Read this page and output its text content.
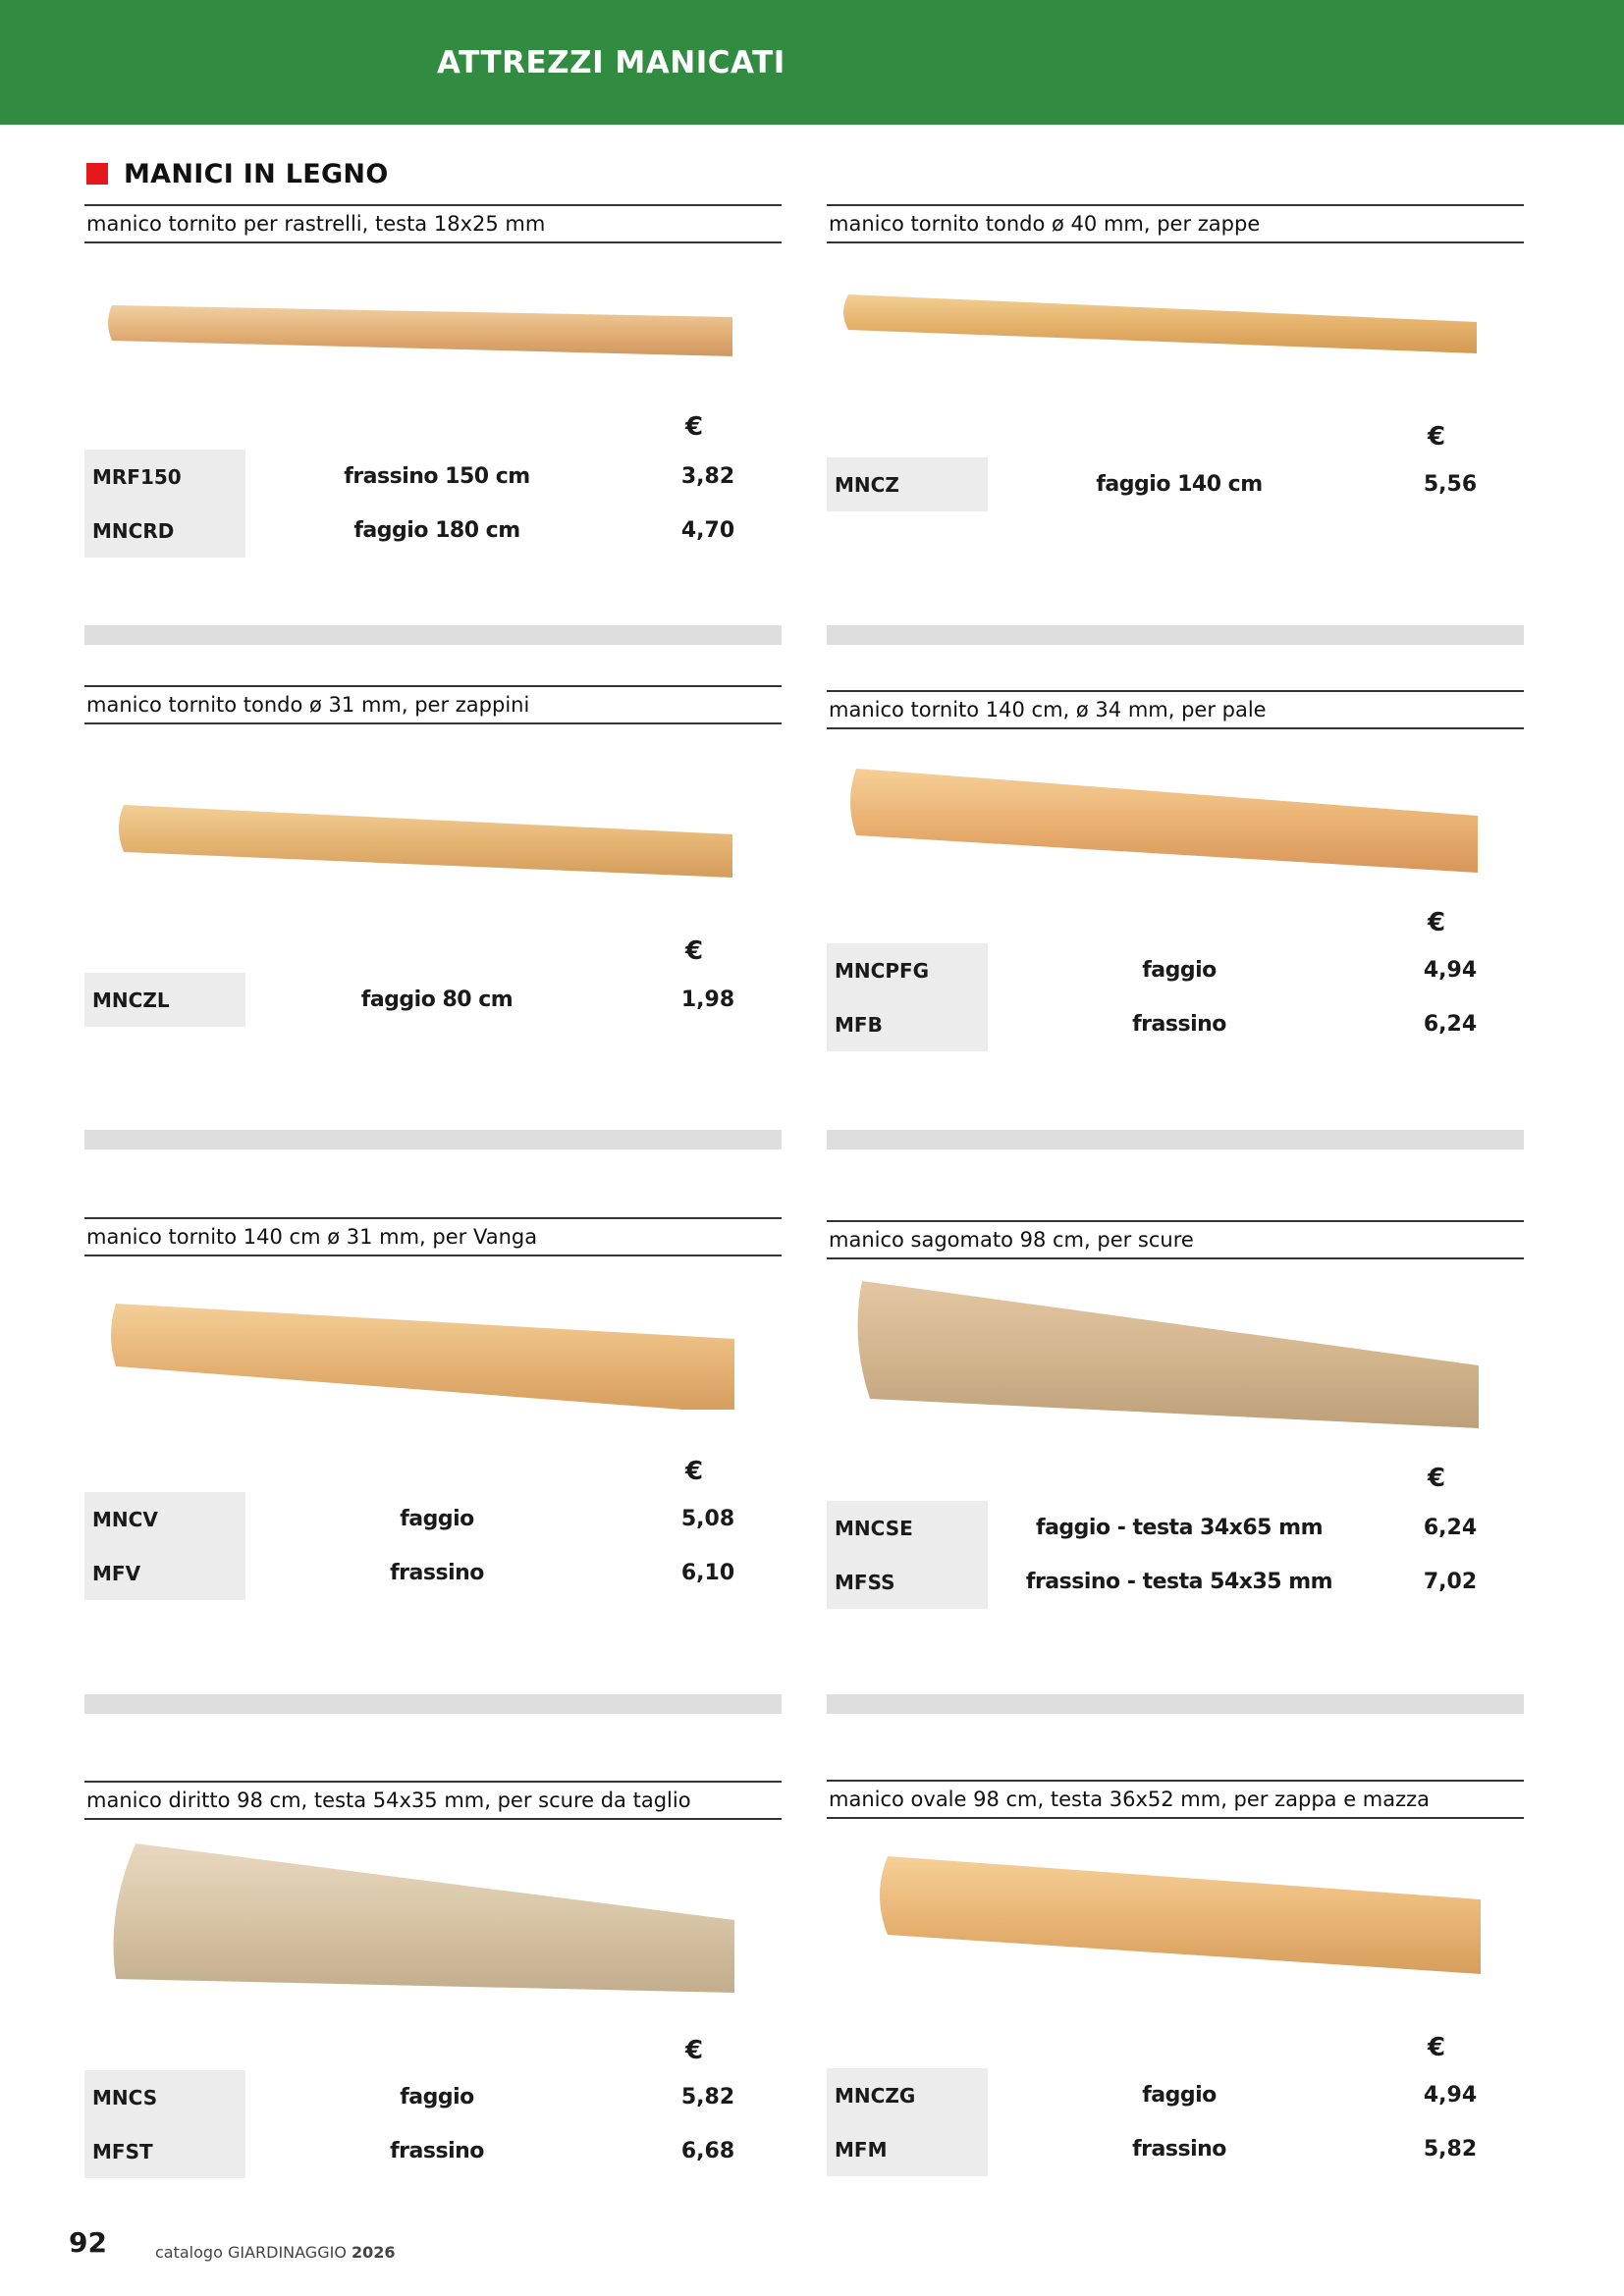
ATTREZZI MANICATI
MANICI IN LEGNO
manico tornito per rastrelli, testa 18x25 mm
€
MRF150	frassino 150 cm	3,82
MNCRD	faggio 180 cm	4,70
manico tornito tondo ø 40 mm, per zappe
€
MNCZ	faggio 140 cm	5,56
manico tornito tondo ø 31 mm, per zappini
€
MNCZL	faggio 80 cm	1,98
manico tornito 140 cm, ø 34 mm, per pale
€
MNCPFG	faggio	4,94
MFB	frassino	6,24
manico tornito 140 cm ø 31 mm, per Vanga
€
MNCV	faggio	5,08
MFV	frassino	6,10
manico sagomato 98 cm, per scure
€
MNCSE	faggio - testa 34x65 mm	6,24
MFSS	frassino - testa 54x35 mm	7,02
manico diritto 98 cm, testa 54x35 mm, per scure da taglio
€
MNCS	faggio	5,82
MFST	frassino	6,68
manico ovale 98 cm, testa 36x52 mm, per zappa e mazza
€
MNCZG	faggio	4,94
MFM	frassino	5,82
92	catalogo GIARDINAGGIO 2026
